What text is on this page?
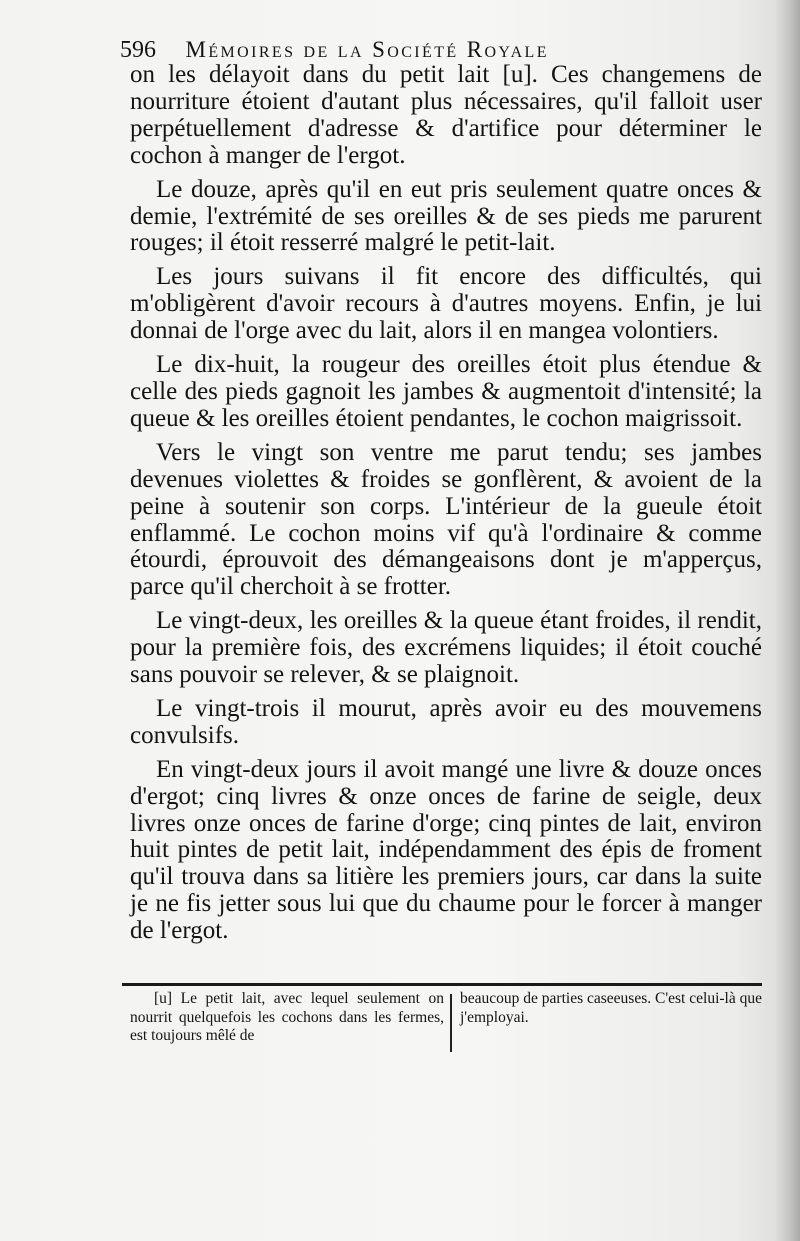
596 Mémoires de la Société Royale

on les délayoit dans du petit lait [u]. Ces changemens de nourriture étoient d'autant plus nécessaires, qu'il falloit user perpétuellement d'adresse & d'artifice pour déterminer le cochon à manger de l'ergot.

Le douze, après qu'il en eut pris seulement quatre onces & demie, l'extrémité de ses oreilles & de ses pieds me parurent rouges; il étoit resserré malgré le petit-lait.

Les jours suivans il fit encore des difficultés, qui m'obligèrent d'avoir recours à d'autres moyens. Enfin, je lui donnai de l'orge avec du lait, alors il en mangea volontiers.

Le dix-huit, la rougeur des oreilles étoit plus étendue & celle des pieds gagnoit les jambes & augmentoit d'intensité; la queue & les oreilles étoient pendantes, le cochon maigrissoit.

Vers le vingt son ventre me parut tendu; ses jambes devenues violettes & froides se gonflèrent, & avoient de la peine à soutenir son corps. L'intérieur de la gueule étoit enflammé. Le cochon moins vif qu'à l'ordinaire & comme étourdi, éprouvoit des démangeaisons dont je m'apperçus, parce qu'il cherchoit à se frotter.

Le vingt-deux, les oreilles & la queue étant froides, il rendit, pour la première fois, des excrémens liquides; il étoit couché sans pouvoir se relever, & se plaignoit.

Le vingt-trois il mourut, après avoir eu des mouvemens convulsifs.

En vingt-deux jours il avoit mangé une livre & douze onces d'ergot; cinq livres & onze onces de farine de seigle, deux livres onze onces de farine d'orge; cinq pintes de lait, environ huit pintes de petit lait, indépendamment des épis de froment qu'il trouva dans sa litière les premiers jours, car dans la suite je ne fis jetter sous lui que du chaume pour le forcer à manger de l'ergot.

[u] Le petit lait, avec lequel seulement on nourrit quelquefois les cochons dans les fermes, est toujours mêlé de
beaucoup de parties caseeuses. C'est celui-là que j'employai.
